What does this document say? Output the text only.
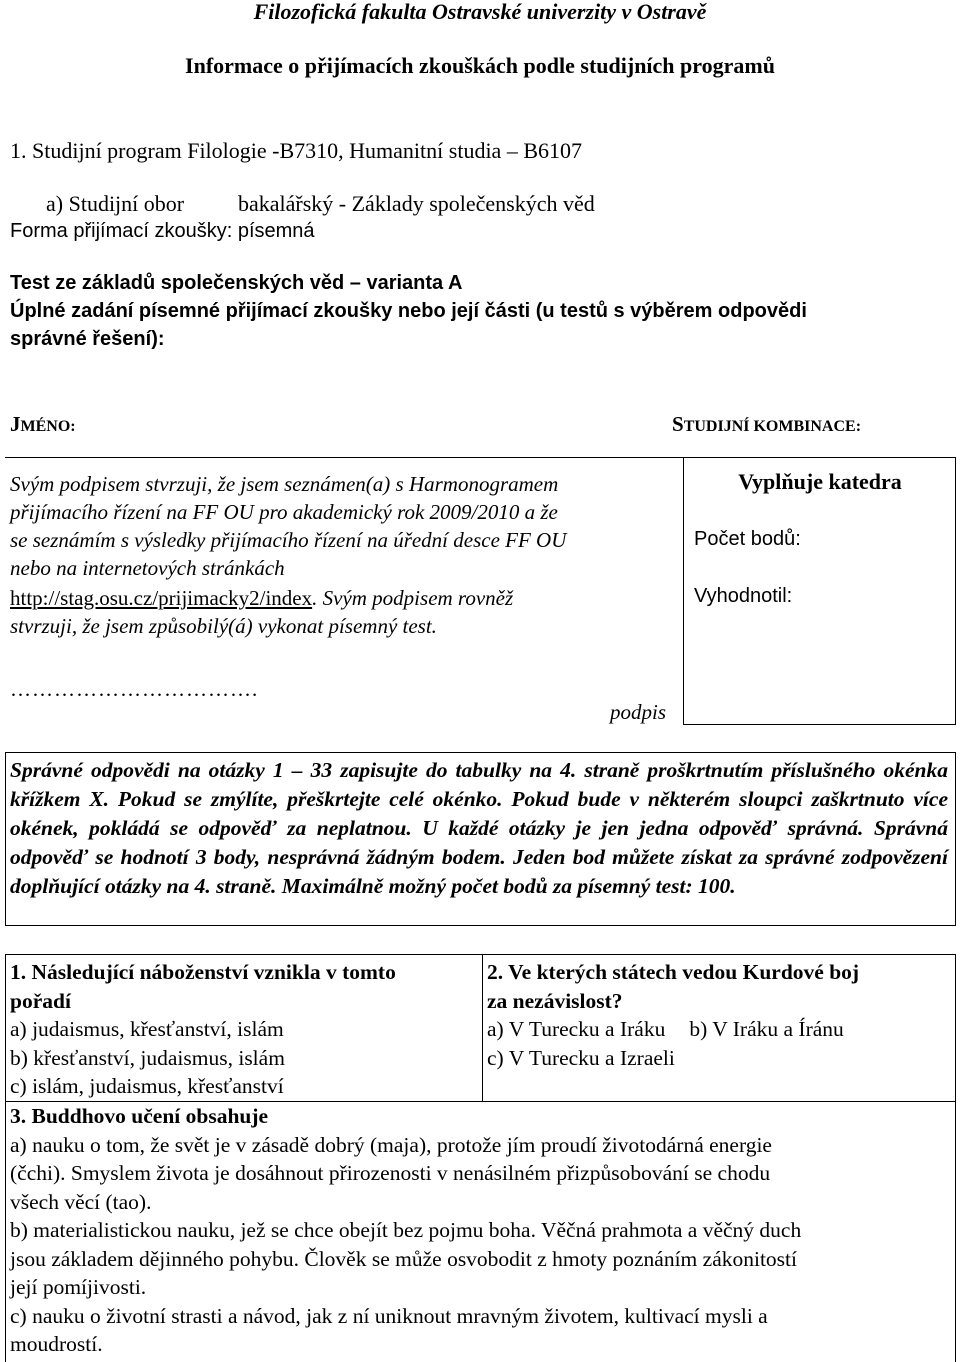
Filozofická fakulta Ostravské univerzity v Ostravě
Informace o přijímacích zkouškách podle studijních programů
1. Studijní program Filologie -B7310, Humanitní studia – B6107
a) Studijní obor bakalářský - Základy společenských věd
Forma přijímací zkoušky: písemná
Test ze základů společenských věd – varianta A
Úplné zadání písemné přijímací zkoušky nebo její části (u testů s výběrem odpovědi
správné řešení):
JMÉNO:	STUDIJNÍ KOMBINACE:
Svým podpisem stvrzuji, že jsem seznámen(a) s Harmonogramem
přijímacího řízení na FF OU pro akademický rok 2009/2010 a že
se seznámím s výsledky přijímacího řízení na úřední desce FF OU
nebo na internetových stránkách
http://stag.osu.cz/prijimacky2/index. Svým podpisem rovněž
stvrzuji, že jsem způsobilý(á) vykonat písemný test.
…………………………….
podpis
Vyplňuje katedra
Počet bodů:
Vyhodnotil:
Správné odpovědi na otázky 1 – 33 zapisujte do tabulky na 4. straně proškrtnutím příslušného okénka křížkem X. Pokud se zmýlíte, přeškrtejte celé okénko. Pokud bude v některém sloupci zaškrtnuto více okének, pokládá se odpověď za neplatnou. U každé otázky je jen jedna odpověď správná. Správná odpověď se hodnotí 3 body, nesprávná žádným bodem. Jeden bod můžete získat za správné zodpovězení doplňující otázky na 4. straně. Maximálně možný počet bodů za písemný test: 100.
1. Následující náboženství vznikla v tomto
pořadí
a) judaismus, křesťanství, islám
b) křesťanství, judaismus, islám
c) islám, judaismus, křesťanství
2. Ve kterých státech vedou Kurdové boj
za nezávislost?
a) V Turecku a Iráku b) V Iráku a Íránu
c) V Turecku a Izraeli
3. Buddhovo učení obsahuje
a) nauku o tom, že svět je v zásadě dobrý (maja), protože jím proudí životodárná energie
(čchi). Smyslem života je dosáhnout přirozenosti v nenásilném přizpůsobování se chodu
všech věcí (tao).
b) materialistickou nauku, jež se chce obejít bez pojmu boha. Věčná prahmota a věčný duch
jsou základem dějinného pohybu. Člověk se může osvobodit z hmoty poznáním zákonitostí
její pomíjivosti.
c) nauku o životní strasti a návod, jak z ní uniknout mravným životem, kultivací mysli a
moudrostí.
